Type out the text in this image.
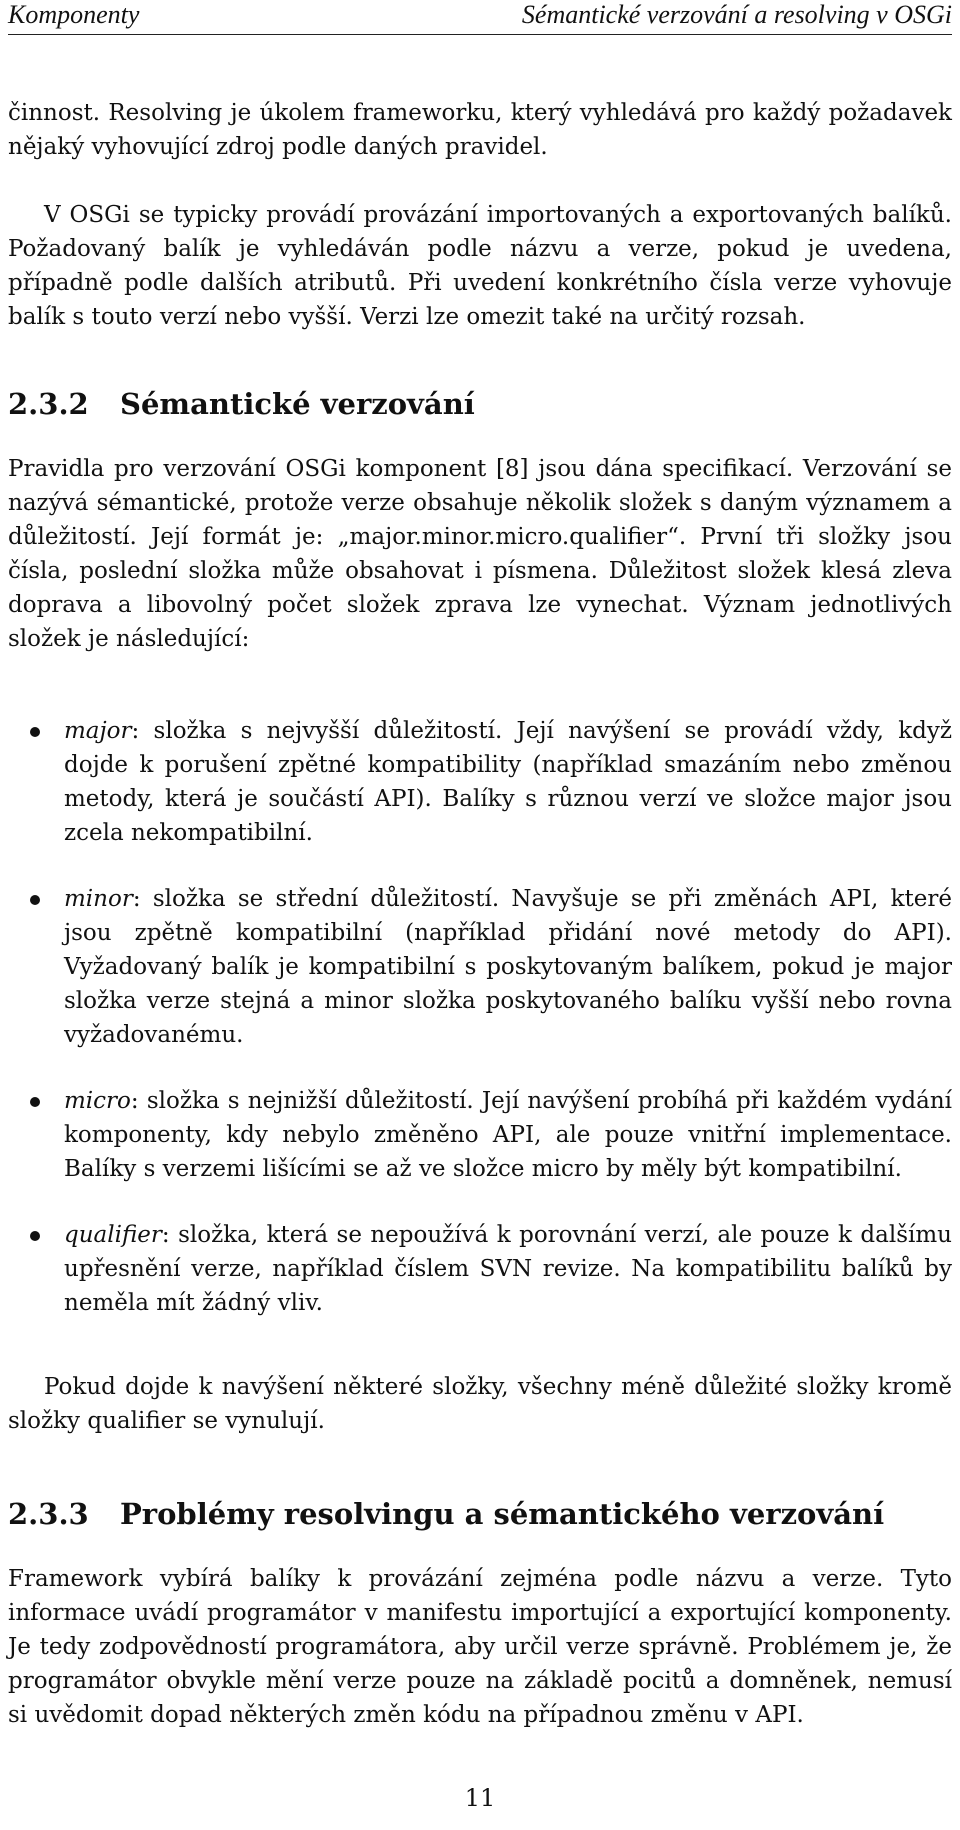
Komponenty	Sémantické verzování a resolving v OSGi

činnost. Resolving je úkolem frameworku, který vyhledává pro každý požadavek nějaký vyhovující zdroj podle daných pravidel.

V OSGi se typicky provádí provázání importovaných a exportovaných balíků. Požadovaný balík je vyhledáván podle názvu a verze, pokud je uvedena, případně podle dalších atributů. Při uvedení konkrétního čísla verze vyhovuje balík s touto verzí nebo vyšší. Verzi lze omezit také na určitý rozsah.

2.3.2	Sémantické verzování

Pravidla pro verzování OSGi komponent [8] jsou dána specifikací. Verzování se nazývá sémantické, protože verze obsahuje několik složek s daným významem a důležitostí. Její formát je: „major.minor.micro.qualifier“. První tři složky jsou čísla, poslední složka může obsahovat i písmena. Důležitost složek klesá zleva doprava a libovolný počet složek zprava lze vynechat. Význam jednotlivých složek je následující:

major: složka s nejvyšší důležitostí. Její navýšení se provádí vždy, když dojde k porušení zpětné kompatibility (například smazáním nebo změnou metody, která je součástí API). Balíky s různou verzí ve složce major jsou zcela nekompatibilní.
minor: složka se střední důležitostí. Navyšuje se při změnách API, které jsou zpětně kompatibilní (například přidání nové metody do API). Vyžadovaný balík je kompatibilní s poskytovaným balíkem, pokud je major složka verze stejná a minor složka poskytovaného balíku vyšší nebo rovna vyžadovanému.
micro: složka s nejnižší důležitostí. Její navýšení probíhá při každém vydání komponenty, kdy nebylo změněno API, ale pouze vnitřní implementace. Balíky s verzemi lišícími se až ve složce micro by měly být kompatibilní.
qualifier: složka, která se nepoužívá k porovnání verzí, ale pouze k dalšímu upřesnění verze, například číslem SVN revize. Na kompatibilitu balíků by neměla mít žádný vliv.

Pokud dojde k navýšení některé složky, všechny méně důležité složky kromě složky qualifier se vynulují.

2.3.3	Problémy resolvingu a sémantického verzování

Framework vybírá balíky k provázání zejména podle názvu a verze. Tyto informace uvádí programátor v manifestu importující a exportující komponenty. Je tedy zodpovědností programátora, aby určil verze správně. Problémem je, že programátor obvykle mění verze pouze na základě pocitů a domněnek, nemusí si uvědomit dopad některých změn kódu na případnou změnu v API.

11
